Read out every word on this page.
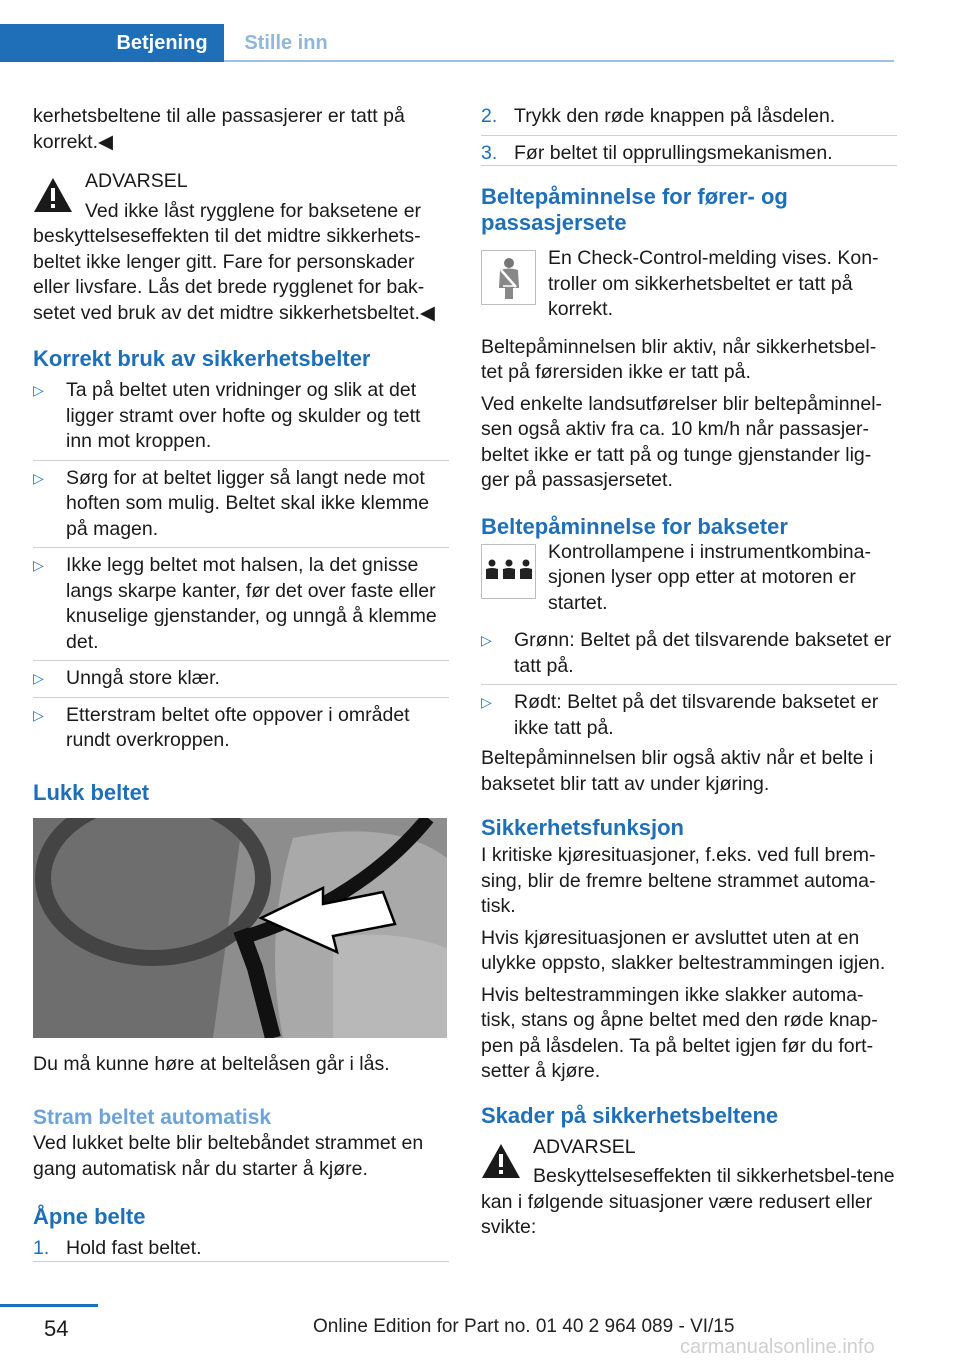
Betjening	Stille inn

kerhetsbeltene til alle passasjerer er tatt på korrekt.◀

ADVARSEL

Ved ikke låst rygglene for baksetene er beskyttelseseffekten til det midtre sikkerhets-beltet ikke lenger gitt. Fare for personskader eller livsfare. Lås det brede rygglenet for bak-setet ved bruk av det midtre sikkerhetsbeltet.◀

Korrekt bruk av sikkerhetsbelter
▷ Ta på beltet uten vridninger og slik at det ligger stramt over hofte og skulder og tett inn mot kroppen.
▷ Sørg for at beltet ligger så langt nede mot hoften som mulig. Beltet skal ikke klemme på magen.
▷ Ikke legg beltet mot halsen, la det gnisse langs skarpe kanter, før det over faste eller knuselige gjenstander, og unngå å klemme det.
▷ Unngå store klær.
▷ Etterstram beltet ofte oppover i området rundt overkroppen.
Lukk beltet

Du må kunne høre at beltelåsen går i lås.

Stram beltet automatisk

Ved lukket belte blir beltebåndet strammet en gang automatisk når du starter å kjøre.

Åpne belte
1. Hold fast beltet.
2. Trykk den røde knappen på låsdelen.
3. Før beltet til opprullingsmekanismen.
Beltepåminnelse for fører- og passasjersete

En Check-Control-melding vises. Kon-troller om sikkerhetsbeltet er tatt på korrekt.

Beltepåminnelsen blir aktiv, når sikkerhetsbel-tet på førersiden ikke er tatt på.

Ved enkelte landsutførelser blir beltepåminnel-sen også aktiv fra ca. 10 km/h når passasjer-beltet ikke er tatt på og tunge gjenstander lig-ger på passasjersetet.

Beltepåminnelse for bakseter

Kontrollampene i instrumentkombina-sjonen lyser opp etter at motoren er startet.

▷ Grønn: Beltet på det tilsvarende baksetet er tatt på.
▷ Rødt: Beltet på det tilsvarende baksetet er ikke tatt på.

Beltepåminnelsen blir også aktiv når et belte i baksetet blir tatt av under kjøring.

Sikkerhetsfunksjon

I kritiske kjøresituasjoner, f.eks. ved full brem-sing, blir de fremre beltene strammet automa-tisk.

Hvis kjøresituasjonen er avsluttet uten at en ulykke oppsto, slakker beltestrammingen igjen.

Hvis beltestrammingen ikke slakker automa-tisk, stans og åpne beltet med den røde knap-pen på låsdelen. Ta på beltet igjen før du fort-setter å kjøre.

Skader på sikkerhetsbeltene

ADVARSEL

Beskyttelseseffekten til sikkerhetsbel-tene kan i følgende situasjoner være redusert eller svikte:

54	Online Edition for Part no. 01 40 2 964 089 - VI/15
carmanualsonline.info
